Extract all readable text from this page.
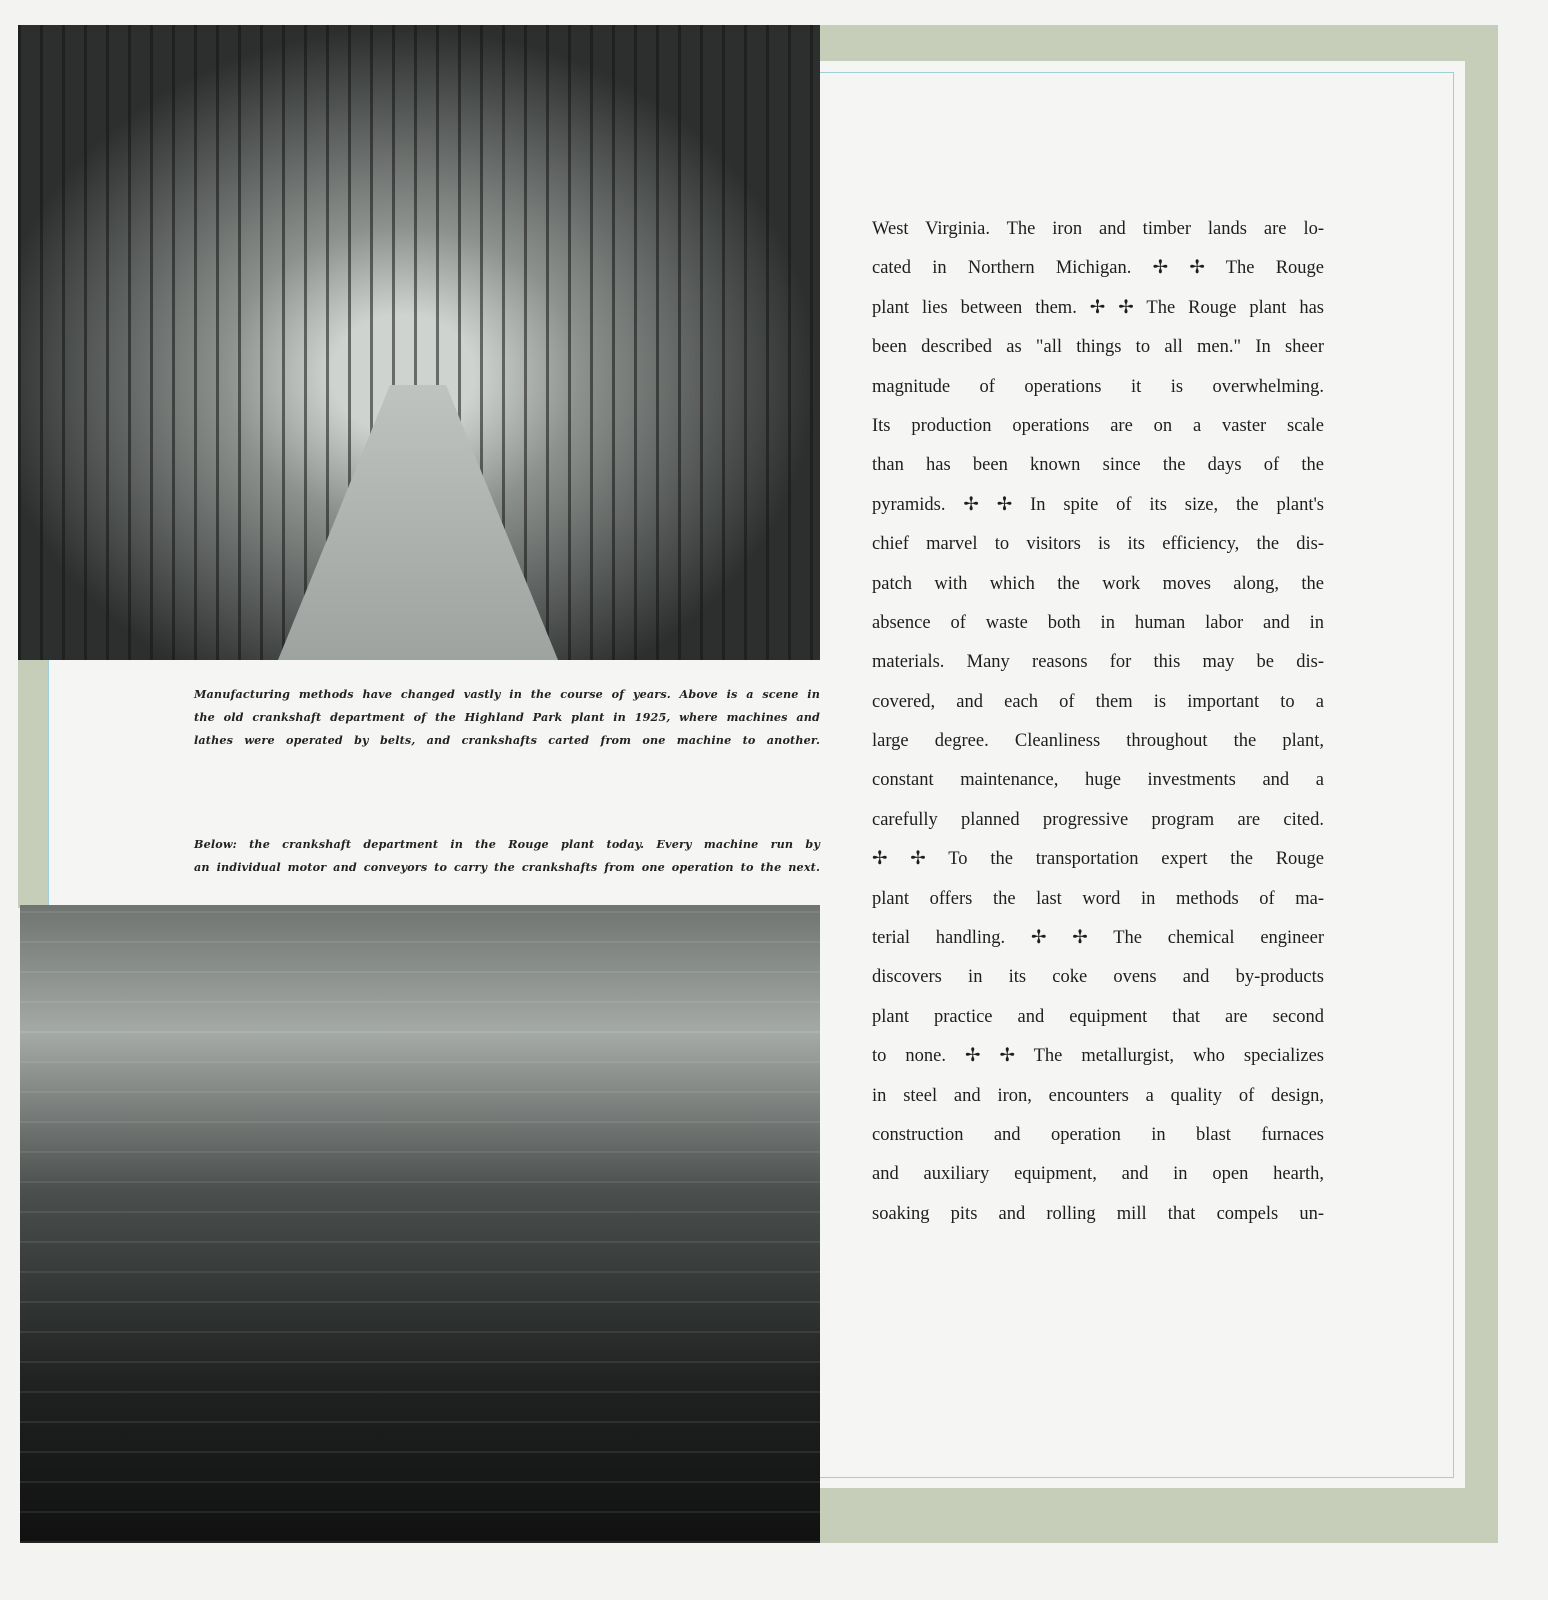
Manufacturing methods have changed vastly in the course of years. Above is a scene in
the old crankshaft department of the Highland Park plant in 1925, where machines and
lathes were operated by belts, and crankshafts carted from one machine to another.
Below: the crankshaft department in the Rouge plant today. Every machine run by
an individual motor and conveyors to carry the crankshafts from one operation to the next.
West Virginia. The iron and timber lands are lo-
cated in Northern Michigan. ✢ ✢ The Rouge
plant lies between them. ✢ ✢ The Rouge plant has
been described as "all things to all men." In sheer
magnitude of operations it is overwhelming.
Its production operations are on a vaster scale
than has been known since the days of the
pyramids. ✢ ✢ In spite of its size, the plant's
chief marvel to visitors is its efficiency, the dis-
patch with which the work moves along, the
absence of waste both in human labor and in
materials. Many reasons for this may be dis-
covered, and each of them is important to a
large degree. Cleanliness throughout the plant,
constant maintenance, huge investments and a
carefully planned progressive program are cited.
✢ ✢ To the transportation expert the Rouge
plant offers the last word in methods of ma-
terial handling. ✢ ✢ The chemical engineer
discovers in its coke ovens and by-products
plant practice and equipment that are second
to none. ✢ ✢ The metallurgist, who specializes
in steel and iron, encounters a quality of design,
construction and operation in blast furnaces
and auxiliary equipment, and in open hearth,
soaking pits and rolling mill that compels un-
